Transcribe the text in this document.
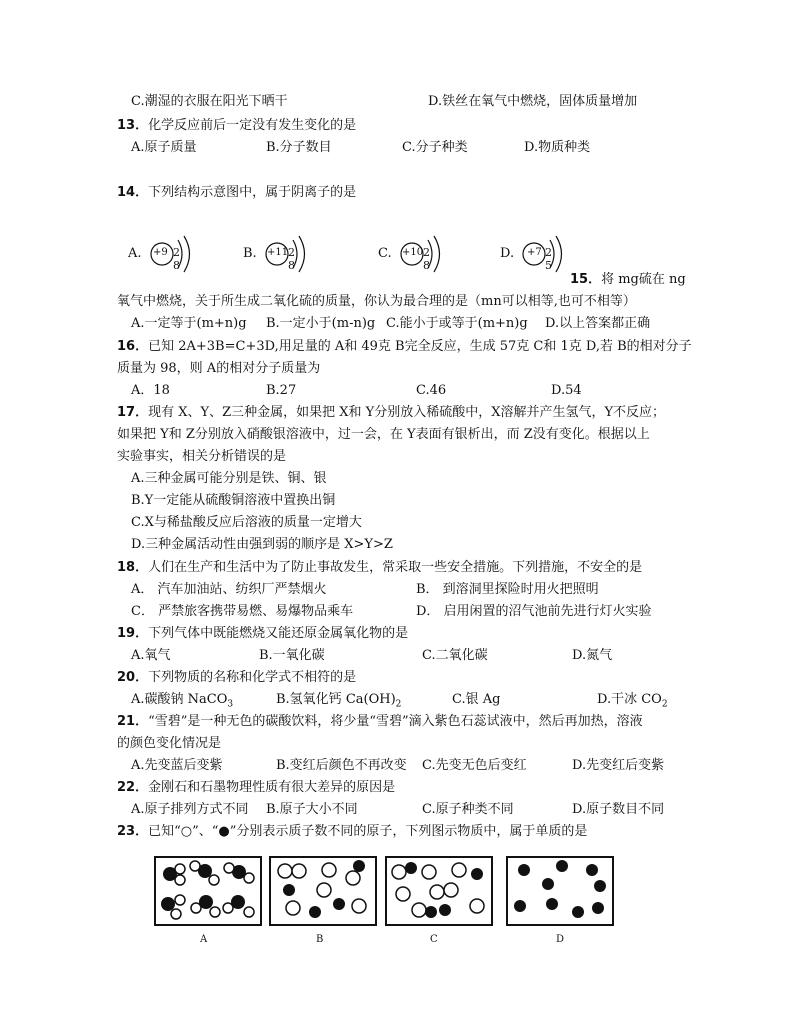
C.潮湿的衣服在阳光下晒干	D.铁丝在氧气中燃烧，固体质量增加
13．化学反应前后一定没有发生变化的是
A.原子质量	B.分子数目	C.分子种类	D.物质种类
14．下列结构示意图中，属于阴离子的是
A. +9 2 8
B. +11 2 8
C. +10 2 8
D. +7 2 5
15．将 mg硫在 ng
氧气中燃烧，关于所生成二氧化硫的质量，你认为最合理的是（mn可以相等,也可不相等）
A.一定等于(m+n)g B.一定小于(m-n)g C.能小于或等于(m+n)g D.以上答案都正确
16．已知 2A+3B=C+3D,用足量的 A和 49克 B完全反应，生成 57克 C和 1克 D,若 B的相对分子
质量为 98，则 A的相对分子质量为
A．18	B.27	C.46	D.54
17．现有 X、Y、Z三种金属，如果把 X和 Y分别放入稀硫酸中，X溶解并产生氢气，Y不反应；
如果把 Y和 Z分别放入硝酸银溶液中，过一会，在 Y表面有银析出，而 Z没有变化。根据以上
实验事实，相关分析错误的是
A.三种金属可能分别是铁、铜、银
B.Y一定能从硫酸铜溶液中置换出铜
C.X与稀盐酸反应后溶液的质量一定增大
D.三种金属活动性由强到弱的顺序是 X>Y>Z
18．人们在生产和生活中为了防止事故发生，常采取一些安全措施。下列措施，不安全的是
A． 汽车加油站、纺织厂严禁烟火	B． 到溶洞里探险时用火把照明
C． 严禁旅客携带易燃、易爆物品乘车	D． 启用闲置的沼气池前先进行灯火实验
19．下列气体中既能燃烧又能还原金属氧化物的是
A.氧气	B.一氧化碳	C.二氧化碳	D.氮气
20．下列物质的名称和化学式不相符的是
A.碳酸钠 NaCO$_3$	B.氢氧化钙 $Ca(OH)_2$	C.银 Ag	D.干冰 $CO_2$
21．“雪碧”是一种无色的碳酸饮料，将少量“雪碧”滴入紫色石蕊试液中，然后再加热，溶液
的颜色变化情况是
A.先变蓝后变紫	B.变红后颜色不再改变 C.先变无色后变红	D.先变红后变紫
22．金刚石和石墨物理性质有很大差异的原因是
A.原子排列方式不同 B.原子大小不同	C.原子种类不同	D.原子数目不同
23．已知“○”、“●”分别表示质子数不同的原子，下列图示物质中，属于单质的是
A	B	C	D
